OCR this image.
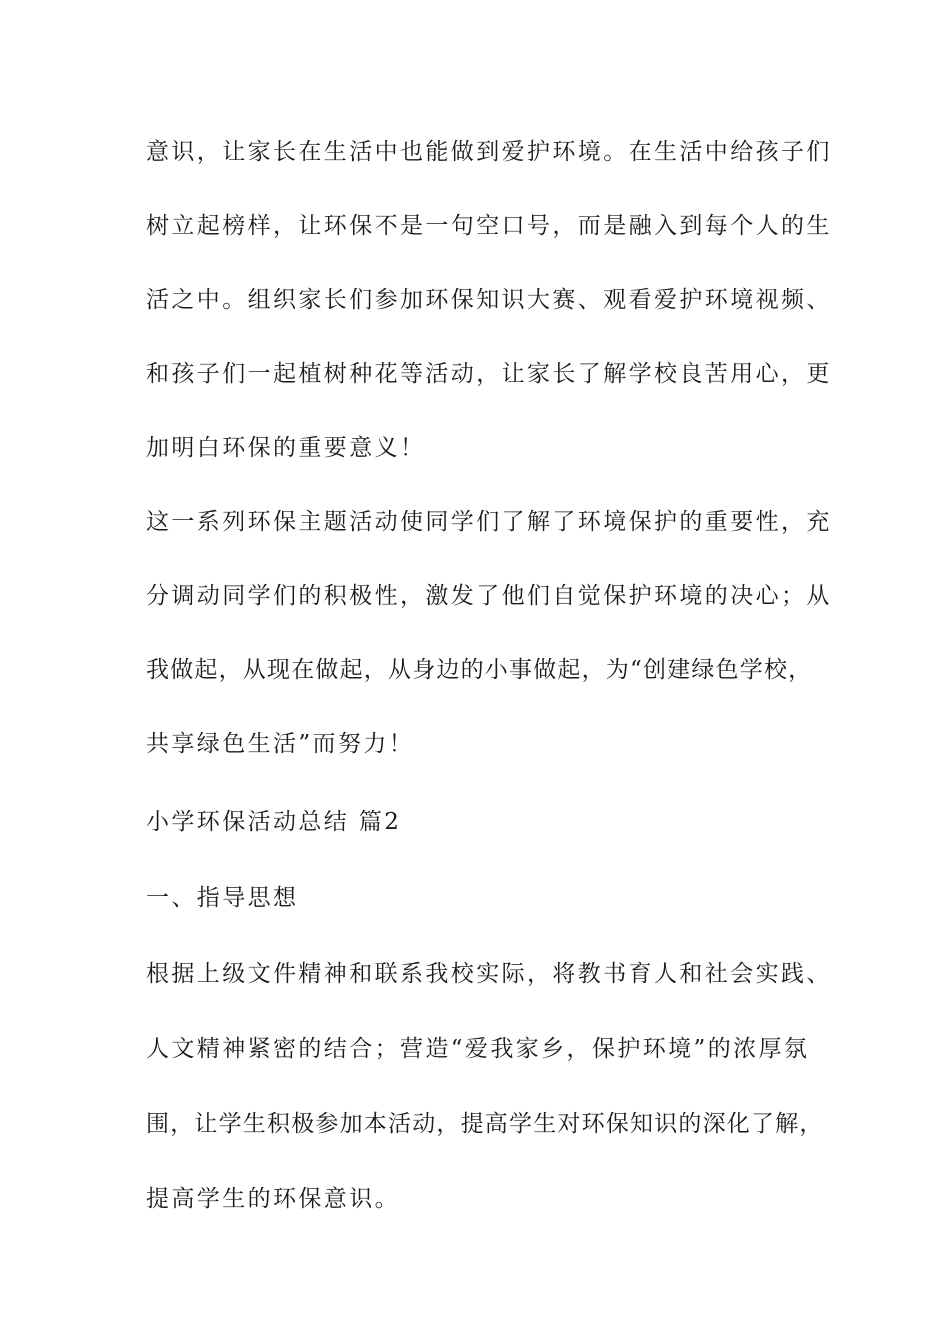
意识，让家长在生活中也能做到爱护环境。在生活中给孩子们
树立起榜样，让环保不是一句空口号，而是融入到每个人的生
活之中。组织家长们参加环保知识大赛、观看爱护环境视频、
和孩子们一起植树种花等活动，让家长了解学校良苦用心，更
加明白环保的重要意义！
这一系列环保主题活动使同学们了解了环境保护的重要性，充
分调动同学们的积极性，激发了他们自觉保护环境的决心；从
我做起，从现在做起，从身边的小事做起，为“创建绿色学校，
共享绿色生活”而努力！
小学环保活动总结 篇2
一、指导思想
根据上级文件精神和联系我校实际，将教书育人和社会实践、
人文精神紧密的结合；营造“爱我家乡，保护环境”的浓厚氛
围，让学生积极参加本活动，提高学生对环保知识的深化了解，
提高学生的环保意识。
